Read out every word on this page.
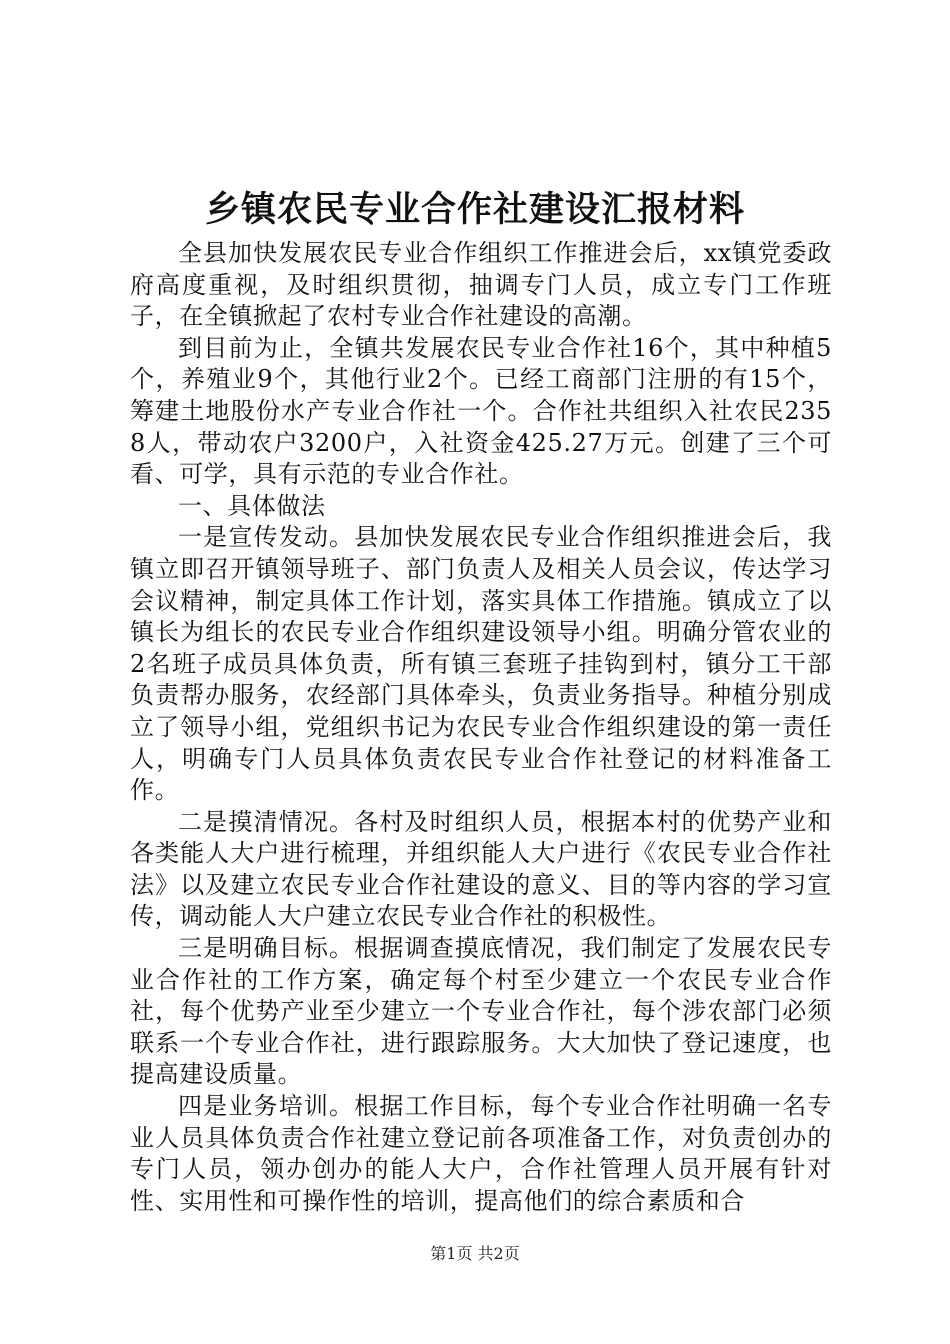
乡镇农民专业合作社建设汇报材料

全县加快发展农民专业合作组织工作推进会后，xx镇党委政府高度重视，及时组织贯彻，抽调专门人员，成立专门工作班子，在全镇掀起了农村专业合作社建设的高潮。

到目前为止，全镇共发展农民专业合作社16个，其中种植5个，养殖业9个，其他行业2个。已经工商部门注册的有15个，筹建土地股份水产专业合作社一个。合作社共组织入社农民2358人，带动农户3200户，入社资金425.27万元。创建了三个可看、可学，具有示范的专业合作社。

一、具体做法

一是宣传发动。县加快发展农民专业合作组织推进会后，我镇立即召开镇领导班子、部门负责人及相关人员会议，传达学习会议精神，制定具体工作计划，落实具体工作措施。镇成立了以镇长为组长的农民专业合作组织建设领导小组。明确分管农业的2名班子成员具体负责，所有镇三套班子挂钩到村，镇分工干部负责帮办服务，农经部门具体牵头，负责业务指导。种植分别成立了领导小组，党组织书记为农民专业合作组织建设的第一责任人，明确专门人员具体负责农民专业合作社登记的材料准备工作。

二是摸清情况。各村及时组织人员，根据本村的优势产业和各类能人大户进行梳理，并组织能人大户进行《农民专业合作社法》以及建立农民专业合作社建设的意义、目的等内容的学习宣传，调动能人大户建立农民专业合作社的积极性。

三是明确目标。根据调查摸底情况，我们制定了发展农民专业合作社的工作方案，确定每个村至少建立一个农民专业合作社，每个优势产业至少建立一个专业合作社，每个涉农部门必须联系一个专业合作社，进行跟踪服务。大大加快了登记速度，也提高建设质量。

四是业务培训。根据工作目标，每个专业合作社明确一名专业人员具体负责合作社建立登记前各项准备工作，对负责创办的专门人员，领办创办的能人大户，合作社管理人员开展有针对性、实用性和可操作性的培训，提高他们的综合素质和合

第1页 共2页
